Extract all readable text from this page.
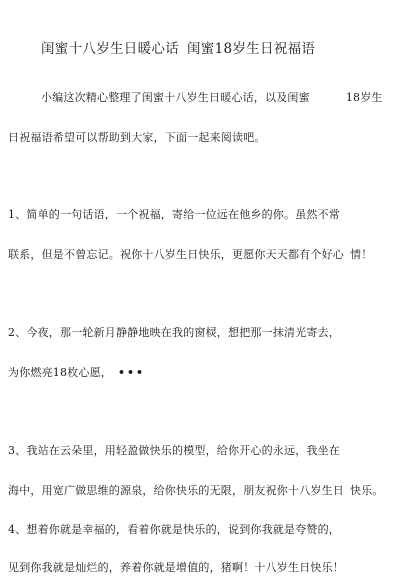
闺蜜十八岁生日暖心话 闺蜜18岁生日祝福语
小编这次精心整理了闺蜜十八岁生日暖心话，以及闺蜜	18岁生
日祝福语希望可以帮助到大家，下面一起来阅读吧。
1、简单的一句话语，一个祝福，寄给一位远在他乡的你。虽然不常
联系，但是不曾忘记。祝你十八岁生日快乐，更愿你天天都有个好心 情！
2、今夜，那一轮新月静静地映在我的窗棂，想把那一抹清光寄去，
为你燃亮18枚心愿， •••
3、我站在云朵里，用轻盈做快乐的模型，给你开心的永远，我坐在
海中，用宽广做思维的源泉，给你快乐的无限，朋友祝你十八岁生日 快乐。
4、想着你就是幸福的，看着你就是快乐的，说到你我就是夸赞的，
见到你我就是灿烂的，养着你就是增值的，猪啊！十八岁生日快乐！
